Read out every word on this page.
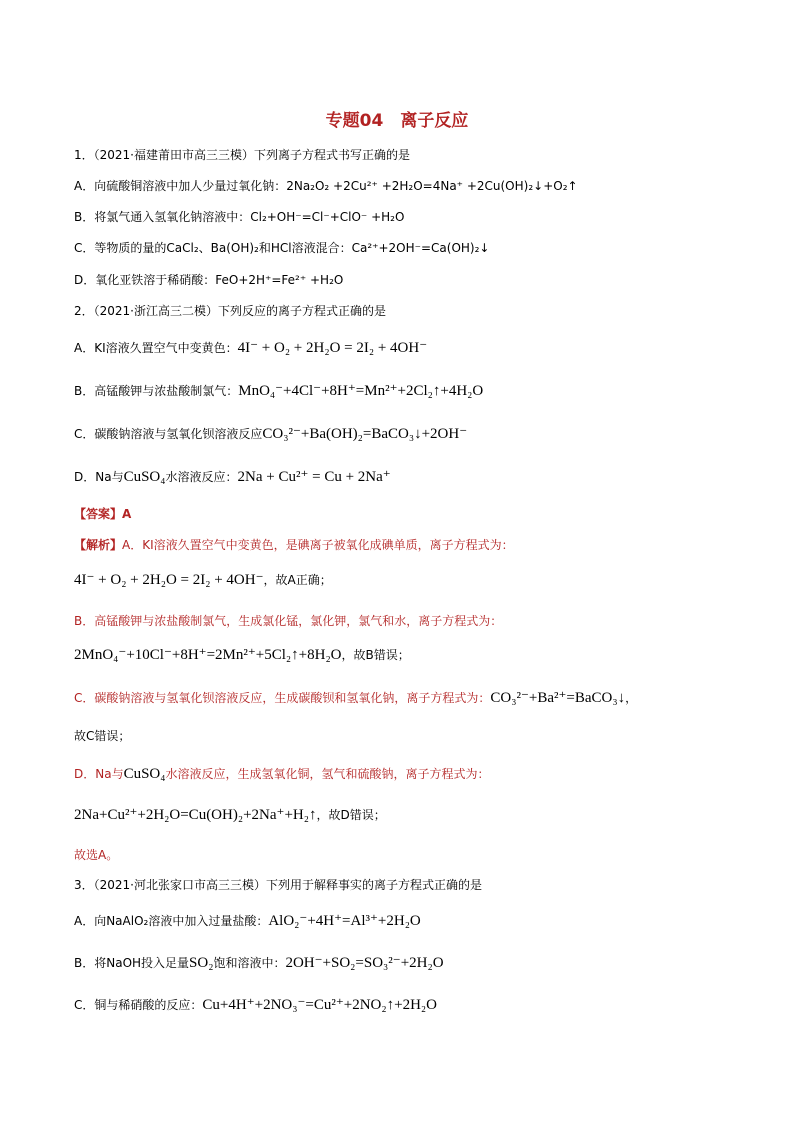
专题04　离子反应
1．（2021·福建莆田市高三三模）下列离子方程式书写正确的是
A．向硫酸铜溶液中加人少量过氧化钠：2Na₂O₂ +2Cu²⁺ +2H₂O=4Na⁺ +2Cu(OH)₂↓+O₂↑
B．将氯气通入氢氧化钠溶液中：Cl₂+OH⁻=Cl⁻+ClO⁻ +H₂O
C．等物质的量的CaCl₂、Ba(OH)₂和HCl溶液混合：Ca²⁺+2OH⁻=Ca(OH)₂↓
D．氧化亚铁溶于稀硝酸：FeO+2H⁺=Fe²⁺ +H₂O
2．（2021·浙江高三二模）下列反应的离子方程式正确的是
A．KI溶液久置空气中变黄色：4I⁻ + O₂ + 2H₂O = 2I₂ + 4OH⁻
B．高锰酸钾与浓盐酸制氯气：MnO₄⁻+4Cl⁻+8H⁺=Mn²⁺+2Cl₂↑+4H₂O
C．碳酸钠溶液与氢氧化钡溶液反应CO₃²⁻+Ba(OH)₂=BaCO₃↓+2OH⁻
D．Na与CuSO₄水溶液反应：2Na + Cu²⁺ = Cu + 2Na⁺
【答案】A
【解析】A．KI溶液久置空气中变黄色，是碘离子被氧化成碘单质，离子方程式为：
4I⁻ + O₂ + 2H₂O = 2I₂ + 4OH⁻，故A正确；
B．高锰酸钾与浓盐酸制氯气，生成氯化锰，氯化钾，氯气和水，离子方程式为：
2MnO₄⁻+10Cl⁻+8H⁺=2Mn²⁺+5Cl₂↑+8H₂O，故B错误；
C．碳酸钠溶液与氢氧化钡溶液反应，生成碳酸钡和氢氧化钠，离子方程式为：CO₃²⁻+Ba²⁺=BaCO₃↓，
故C错误；
D．Na与CuSO₄水溶液反应，生成氢氧化铜，氢气和硫酸钠，离子方程式为：
2Na+Cu²⁺+2H₂O=Cu(OH)₂+2Na⁺+H₂↑，故D错误；
故选A。
3．（2021·河北张家口市高三三模）下列用于解释事实的离子方程式正确的是
A．向NaAlO₂溶液中加入过量盐酸：AlO₂⁻+4H⁺=Al³⁺+2H₂O
B．将NaOH投入足量SO₂饱和溶液中：2OH⁻+SO₂=SO₃²⁻+2H₂O
C．铜与稀硝酸的反应：Cu+4H⁺+2NO₃⁻=Cu²⁺+2NO₂↑+2H₂O
